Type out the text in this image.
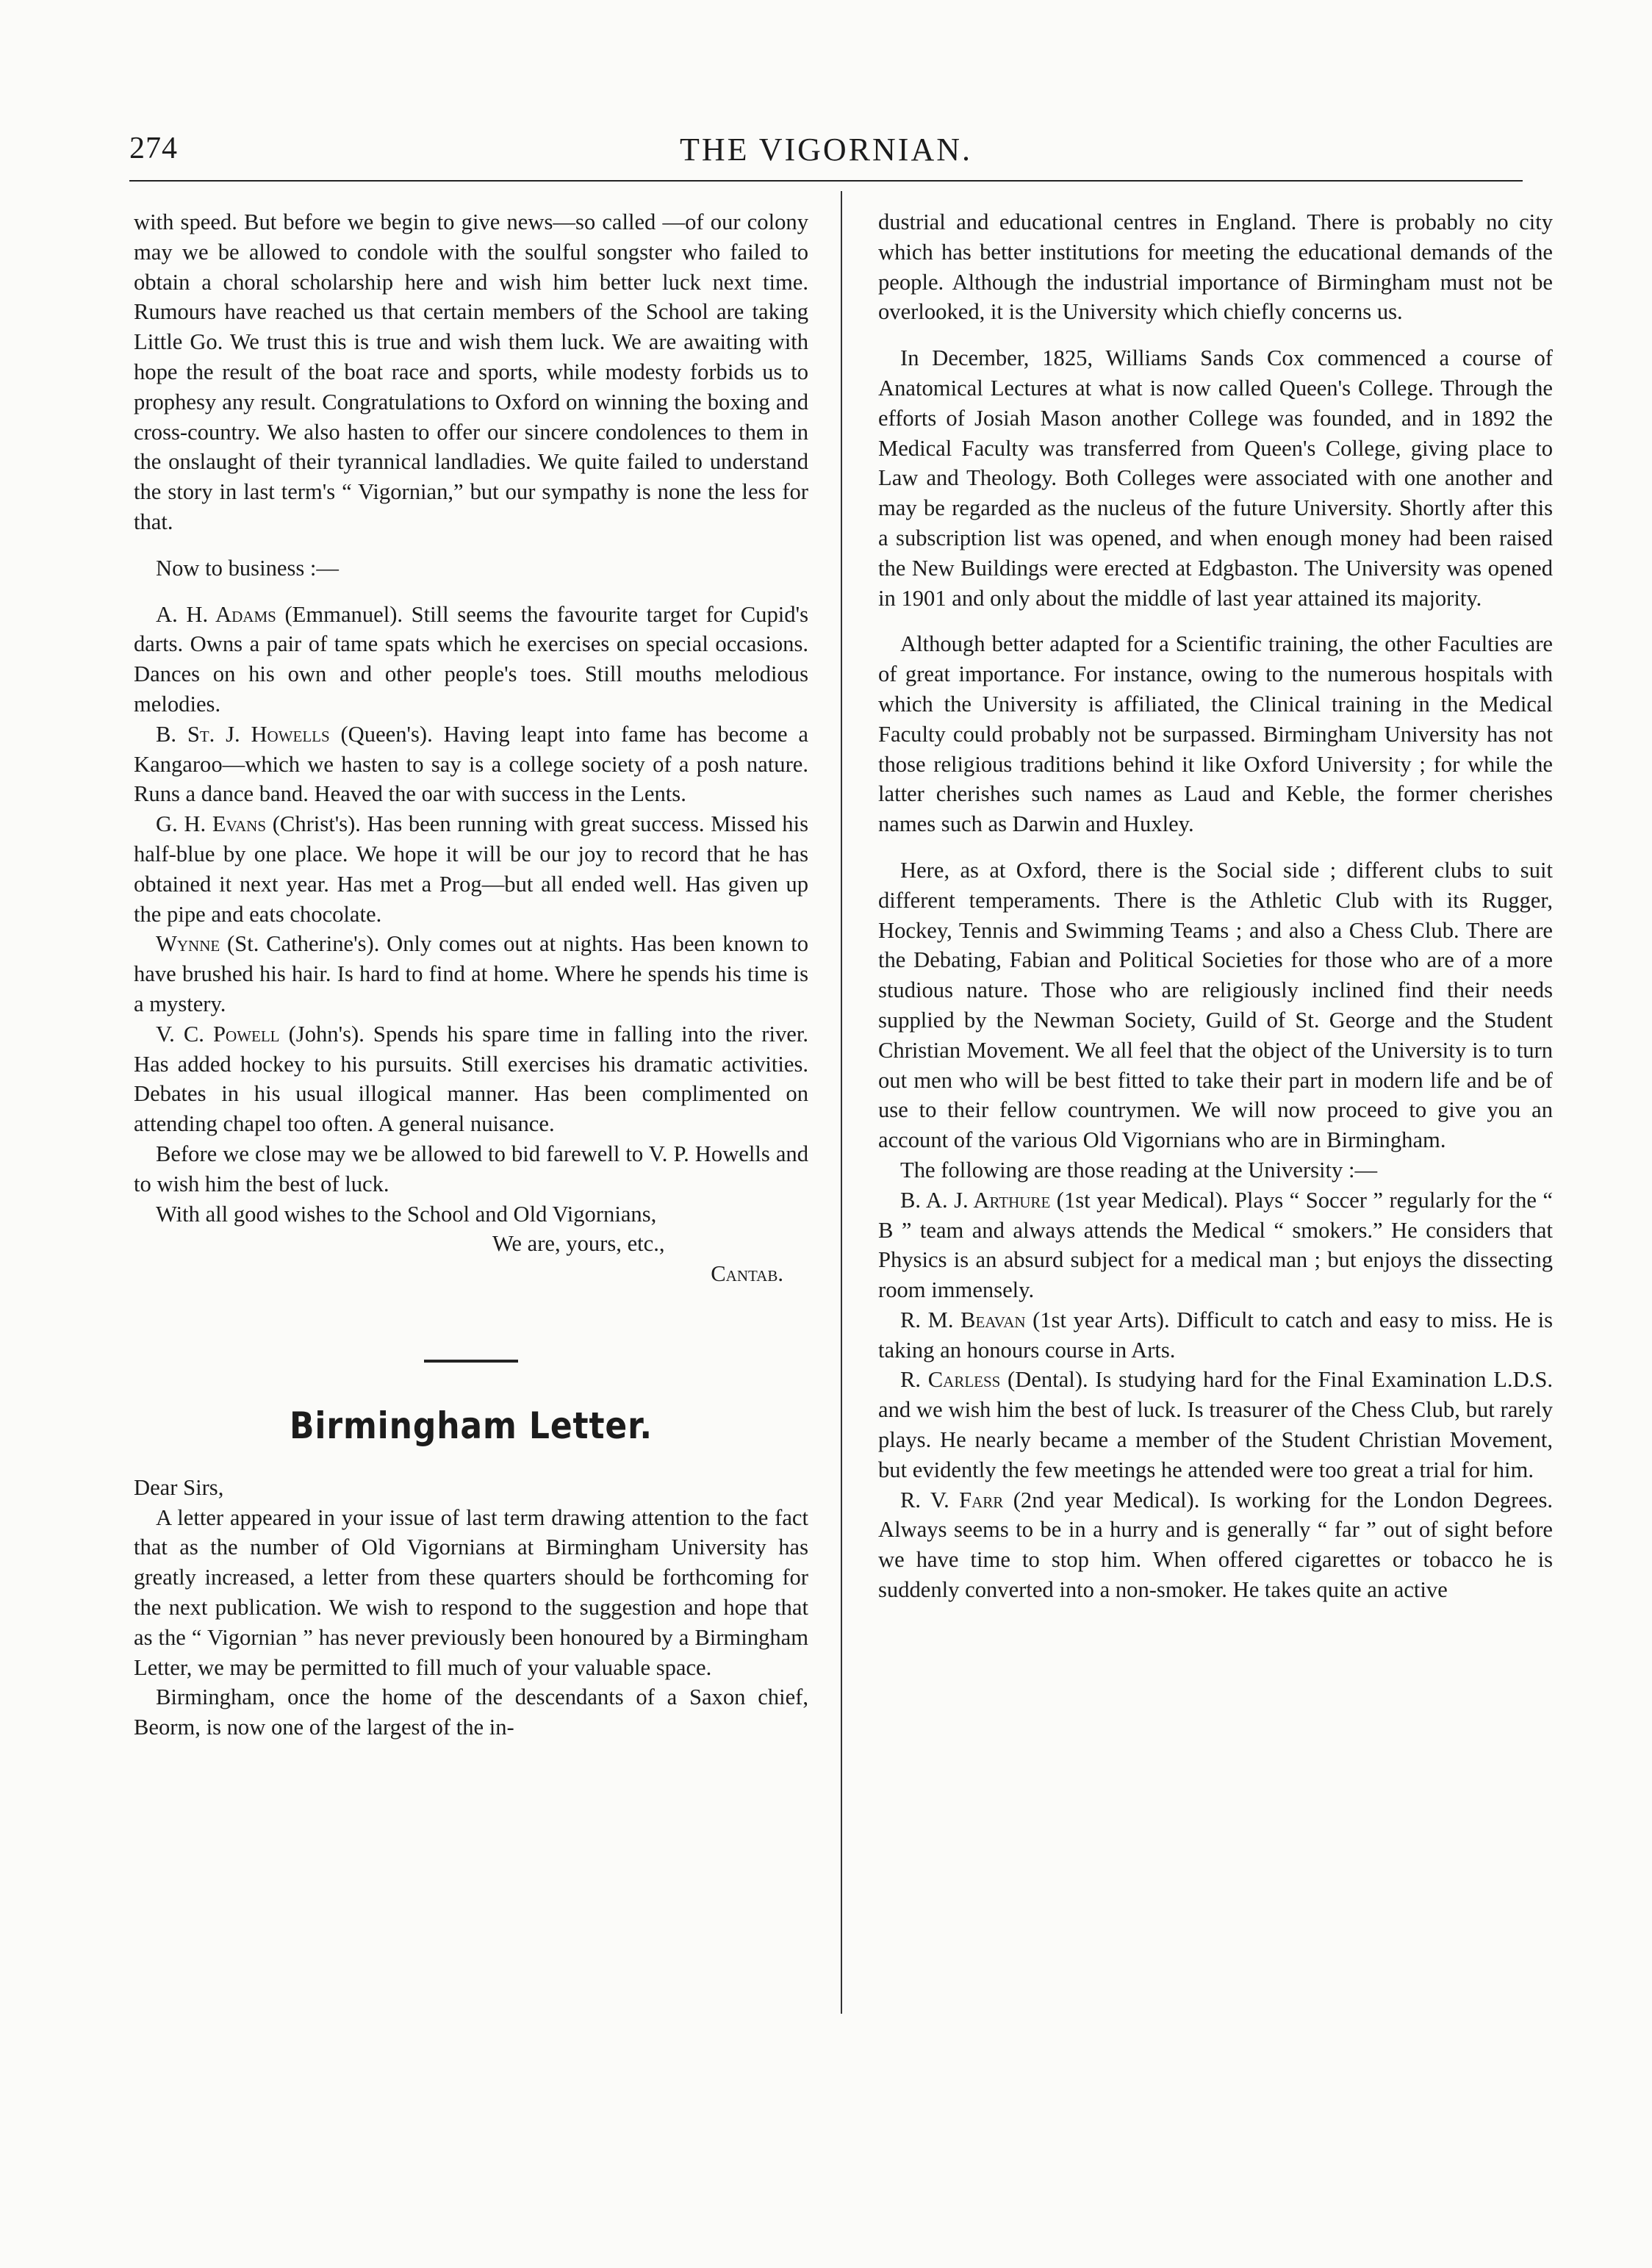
274	THE VIGORNIAN.

with speed. But before we begin to give news—so called —of our colony may we be allowed to condole with the soulful songster who failed to obtain a choral scholarship here and wish him better luck next time. Rumours have reached us that certain members of the School are taking Little Go. We trust this is true and wish them luck. We are awaiting with hope the result of the boat race and sports, while modesty forbids us to prophesy any result. Congratulations to Oxford on winning the boxing and cross-country. We also hasten to offer our sincere condolences to them in the onslaught of their tyrannical landladies. We quite failed to understand the story in last term's “ Vigornian,” but our sympathy is none the less for that.

Now to business :—

A. H. Adams (Emmanuel). Still seems the favourite target for Cupid's darts. Owns a pair of tame spats which he exercises on special occasions. Dances on his own and other people's toes. Still mouths melodious melodies.

B. St. J. Howells (Queen's). Having leapt into fame has become a Kangaroo—which we hasten to say is a college society of a posh nature. Runs a dance band. Heaved the oar with success in the Lents.

G. H. Evans (Christ's). Has been running with great success. Missed his half-blue by one place. We hope it will be our joy to record that he has obtained it next year. Has met a Prog—but all ended well. Has given up the pipe and eats chocolate.

Wynne (St. Catherine's). Only comes out at nights. Has been known to have brushed his hair. Is hard to find at home. Where he spends his time is a mystery.

V. C. Powell (John's). Spends his spare time in falling into the river. Has added hockey to his pursuits. Still exercises his dramatic activities. Debates in his usual illogical manner. Has been complimented on attending chapel too often. A general nuisance.

Before we close may we be allowed to bid farewell to V. P. Howells and to wish him the best of luck.

With all good wishes to the School and Old Vigornians,

We are, yours, etc.,

Cantab.

Birmingham Letter.

Dear Sirs,

A letter appeared in your issue of last term drawing attention to the fact that as the number of Old Vigornians at Birmingham University has greatly increased, a letter from these quarters should be forthcoming for the next publication. We wish to respond to the suggestion and hope that as the “ Vigornian ” has never previously been honoured by a Birmingham Letter, we may be permitted to fill much of your valuable space.

Birmingham, once the home of the descendants of a Saxon chief, Beorm, is now one of the largest of the in-

dustrial and educational centres in England. There is probably no city which has better institutions for meeting the educational demands of the people. Although the industrial importance of Birmingham must not be overlooked, it is the University which chiefly concerns us.

In December, 1825, Williams Sands Cox commenced a course of Anatomical Lectures at what is now called Queen's College. Through the efforts of Josiah Mason another College was founded, and in 1892 the Medical Faculty was transferred from Queen's College, giving place to Law and Theology. Both Colleges were associated with one another and may be regarded as the nucleus of the future University. Shortly after this a subscription list was opened, and when enough money had been raised the New Buildings were erected at Edgbaston. The University was opened in 1901 and only about the middle of last year attained its majority.

Although better adapted for a Scientific training, the other Faculties are of great importance. For instance, owing to the numerous hospitals with which the University is affiliated, the Clinical training in the Medical Faculty could probably not be surpassed. Birmingham University has not those religious traditions behind it like Oxford University ; for while the latter cherishes such names as Laud and Keble, the former cherishes names such as Darwin and Huxley.

Here, as at Oxford, there is the Social side ; different clubs to suit different temperaments. There is the Athletic Club with its Rugger, Hockey, Tennis and Swimming Teams ; and also a Chess Club. There are the Debating, Fabian and Political Societies for those who are of a more studious nature. Those who are religiously inclined find their needs supplied by the Newman Society, Guild of St. George and the Student Christian Movement. We all feel that the object of the University is to turn out men who will be best fitted to take their part in modern life and be of use to their fellow countrymen. We will now proceed to give you an account of the various Old Vigornians who are in Birmingham.

The following are those reading at the University :—

B. A. J. Arthure (1st year Medical). Plays “ Soccer ” regularly for the “ B ” team and always attends the Medical “ smokers.” He considers that Physics is an absurd subject for a medical man ; but enjoys the dissecting room immensely.

R. M. Beavan (1st year Arts). Difficult to catch and easy to miss. He is taking an honours course in Arts.

R. Carless (Dental). Is studying hard for the Final Examination L.D.S. and we wish him the best of luck. Is treasurer of the Chess Club, but rarely plays. He nearly became a member of the Student Christian Movement, but evidently the few meetings he attended were too great a trial for him.

R. V. Farr (2nd year Medical). Is working for the London Degrees. Always seems to be in a hurry and is generally “ far ” out of sight before we have time to stop him. When offered cigarettes or tobacco he is suddenly converted into a non-smoker. He takes quite an active
